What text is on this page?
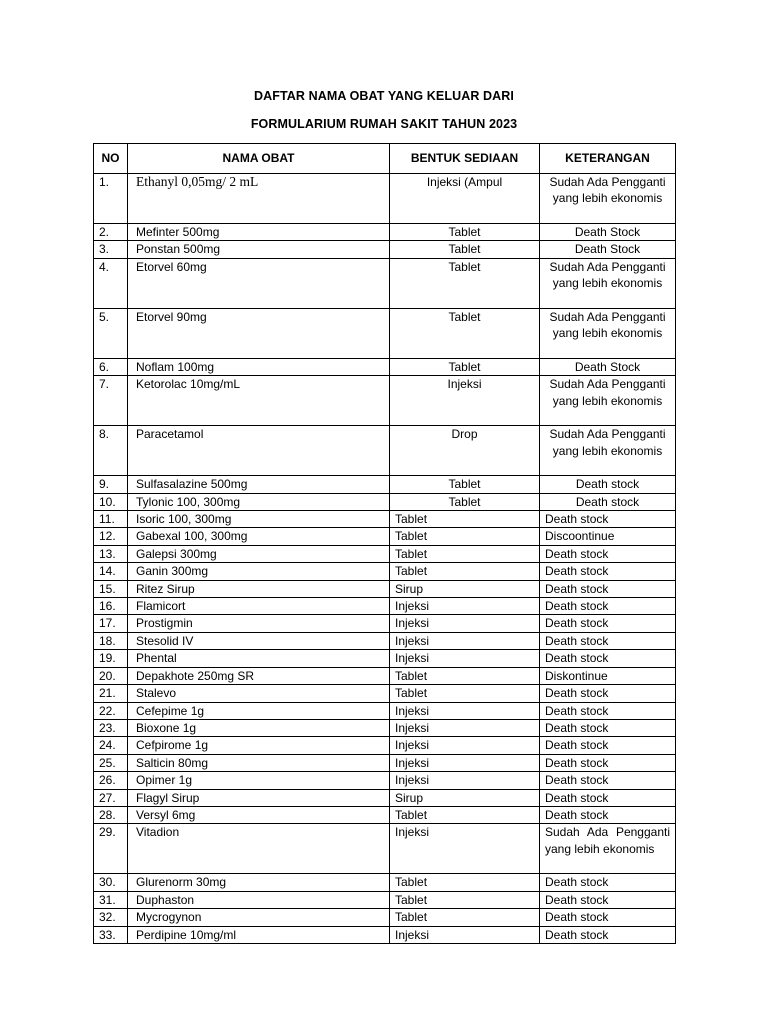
DAFTAR NAMA OBAT YANG KELUAR DARI
FORMULARIUM RUMAH SAKIT TAHUN 2023
NO	NAMA OBAT	BENTUK SEDIAAN	KETERANGAN
1.	Ethanyl 0,05mg/ 2 mL	Injeksi (Ampul	Sudah Ada Pengganti yang lebih ekonomis
2.	Mefinter 500mg	Tablet	Death Stock
3.	Ponstan 500mg	Tablet	Death Stock
4.	Etorvel 60mg	Tablet	Sudah Ada Pengganti yang lebih ekonomis
5.	Etorvel 90mg	Tablet	Sudah Ada Pengganti yang lebih ekonomis
6.	Noflam 100mg	Tablet	Death Stock
7.	Ketorolac 10mg/mL	Injeksi	Sudah Ada Pengganti yang lebih ekonomis
8.	Paracetamol	Drop	Sudah Ada Pengganti yang lebih ekonomis
9.	Sulfasalazine 500mg	Tablet	Death stock
10.	Tylonic 100, 300mg	Tablet	Death stock
11.	Isoric 100, 300mg	Tablet	Death stock
12.	Gabexal 100, 300mg	Tablet	Discoontinue
13.	Galepsi 300mg	Tablet	Death stock
14.	Ganin 300mg	Tablet	Death stock
15.	Ritez Sirup	Sirup	Death stock
16.	Flamicort	Injeksi	Death stock
17.	Prostigmin	Injeksi	Death stock
18.	Stesolid IV	Injeksi	Death stock
19.	Phental	Injeksi	Death stock
20.	Depakhote 250mg SR	Tablet	Diskontinue
21.	Stalevo	Tablet	Death stock
22.	Cefepime 1g	Injeksi	Death stock
23.	Bioxone 1g	Injeksi	Death stock
24.	Cefpirome 1g	Injeksi	Death stock
25.	Salticin 80mg	Injeksi	Death stock
26.	Opimer 1g	Injeksi	Death stock
27.	Flagyl Sirup	Sirup	Death stock
28.	Versyl 6mg	Tablet	Death stock
29.	Vitadion	Injeksi	Sudah Ada Pengganti yang lebih ekonomis
30.	Glurenorm 30mg	Tablet	Death stock
31.	Duphaston	Tablet	Death stock
32.	Mycrogynon	Tablet	Death stock
33.	Perdipine 10mg/ml	Injeksi	Death stock
